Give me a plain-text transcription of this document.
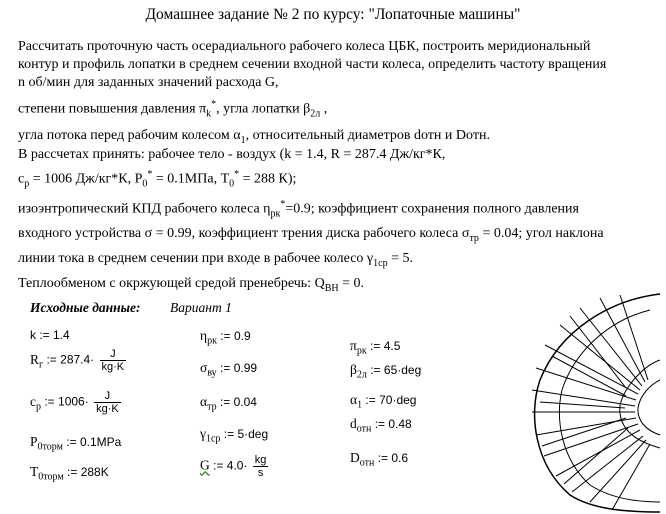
Домашнее задание № 2 по курсу: "Лопаточные машины"
Рассчитать проточную часть осерадиального рабочего колеса ЦБК, построить меридиональный
контур и профиль лопатки в среднем сечении входной части колеса, определить частоту вращения
n об/мин для заданных значений расхода G,
степени повышения давления $\pi_k^*$, угла лопатки $\beta_{2л}$ ,
угла потока перед рабочим колесом $\alpha_1$, относительный диаметров dотн и Dотн.
В рассчетах принять: рабочее тело - воздух (k = 1.4, R = 287.4 Дж/кг*К,
$c_p = 1006$ Дж/кг*К, $P_0^* = 0.1МПа$, $T_0^* = 288$ К);
изоэнтропический КПД рабочего колеса $\eta_{рк}^*=0.9$; коэффициент сохранения полного давления
входного устройства σ = 0.99, коэффициент трения диска рабочего колеса $\sigma_{тр} = 0.04$; угол наклона
линии тока в среднем сечении при входе в рабочее колесо $\gamma_{1ср} = 5$.
Теплообменом с окржующей средой пренебречь: $Q_{ВН} = 0$.
Исходные данные: Вариант 1
k := 1.4
$R_г$ := $287.4\cdot \frac{J}{kg\cdot K}$
$c_p$ := $1006\cdot \frac{J}{kg\cdot K}$
$P_{0торм}$ := 0.1MPa
$T_{0торм}$ := 288K
$\eta_{рк}$ := 0.9
$\sigma_{ву}$ := 0.99
$\alpha_{тр}$ := 0.04
$\gamma_{1ср}$ := 5·deg
G := $4.0\cdot \frac{kg}{s}$
$\pi_{рк}$ := 4.5
$\beta_{2л}$ := 65·deg
$\alpha_1$ := 70·deg
$d_{отн}$ := 0.48
$D_{отн}$ := 0.6
